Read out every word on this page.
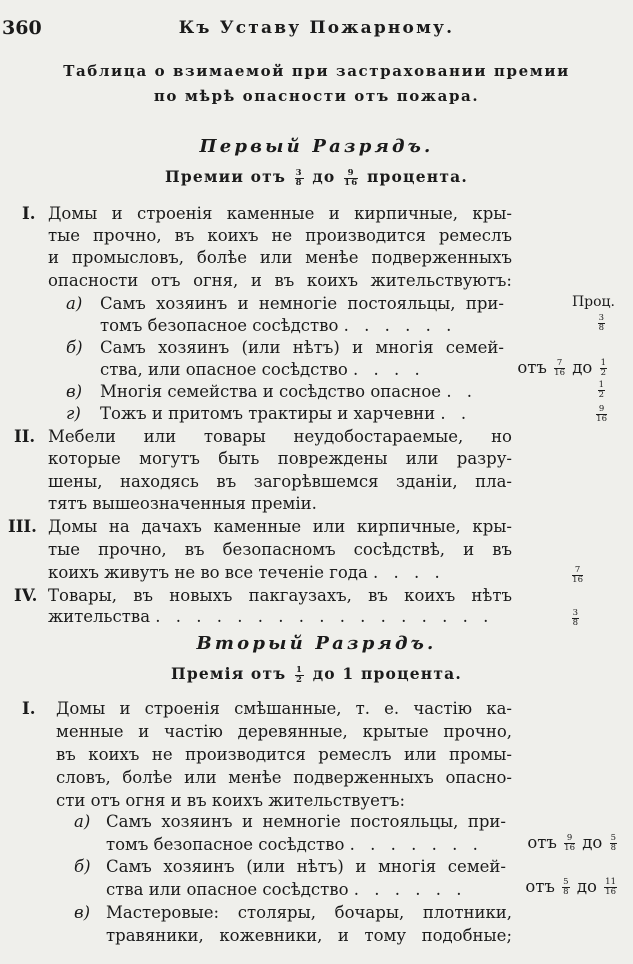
360	Къ Уставу Пожарному.
Таблица о взимаемой при застраховании премии
по мѣрѣ опасности отъ пожара.
Первый Разрядъ.
Премии отъ $\frac{3}{8}$ до $\frac{9}{16}$ процента.
I. Домы и строенія каменные и кирпичные, кры-
тые прочно, въ коихъ не производится ремеслъ
и промысловъ, болѣе или менѣе подверженныхъ
опасности отъ огня, и въ коихъ жительствуютъ:
Проц.
а) Самъ хозяинъ и немногіе постояльцы, при-
томъ безопасное сосѣдство . . . . . .	$\frac{3}{8}$
б) Самъ хозяинъ (или нѣтъ) и многія семей-
ства, или опасное сосѣдство . . . .	отъ $\frac{7}{16}$ до $\frac{1}{2}$
в) Многія семейства и сосѣдство опасное . .	$\frac{1}{2}$
г) Тожъ и притомъ трактиры и харчевни . .	$\frac{9}{16}$
II. Мебели или товары неудобостараемые, но
которые могутъ быть повреждены или разру-
шены, находясь въ загорѣвшемся зданіи, пла-
тятъ вышеозначенныя премiи.
III. Домы на дачахъ каменные или кирпичные, кры-
тые прочно, въ безопасномъ сосѣдствѣ, и въ
коихъ живутъ не во все теченіе года . . . .	$\frac{7}{16}$
IV. Товары, въ новыхъ пакгаузахъ, въ коихъ нѣтъ
жительства . . . . . . . . . . . . . . . . .	$\frac{3}{8}$
Вторый Разрядъ.
Премія отъ $\frac{1}{2}$ до 1 процента.
I. Домы и строенія смѣшанные, т. е. частію ка-
менные и частію деревянные, крытые прочно,
въ коихъ не производится ремеслъ или промы-
словъ, болѣе или менѣе подверженныхъ опасно-
сти отъ огня и въ коихъ жительствуетъ:
а) Самъ хозяинъ и немногіе постояльцы, при-
томъ безопасное сосѣдство . . . . . . .	отъ $\frac{9}{16}$ до $\frac{5}{8}$
б) Самъ хозяинъ (или нѣтъ) и многія семей-
ства или опасное сосѣдство . . . . . .	отъ $\frac{5}{8}$ до $\frac{11}{16}$
в) Мастеровые: столяры, бочары, плотники,
травяники, кожевники, и тому подобные;
